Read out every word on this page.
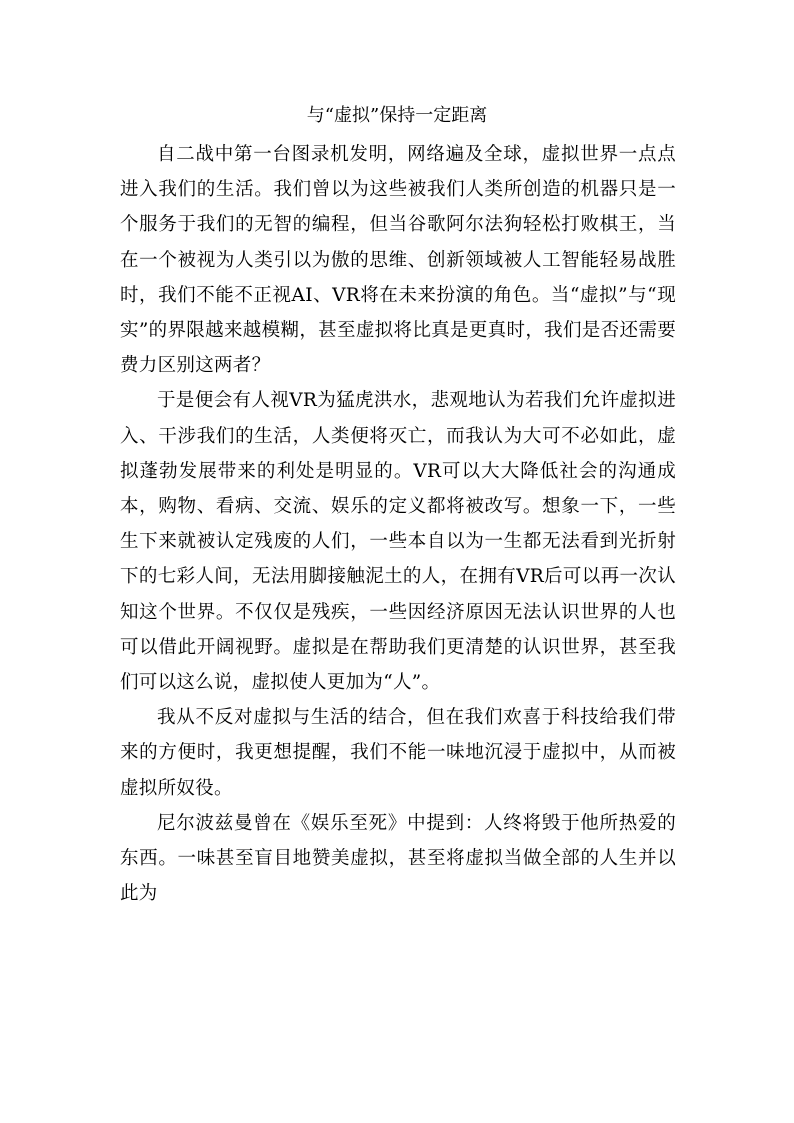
与“虚拟”保持一定距离

自二战中第一台图录机发明，网络遍及全球，虚拟世界一点点进入我们的生活。我们曾以为这些被我们人类所创造的机器只是一个服务于我们的无智的编程，但当谷歌阿尔法狗轻松打败棋王，当在一个被视为人类引以为傲的思维、创新领域被人工智能轻易战胜时，我们不能不正视AI、VR将在未来扮演的角色。当“虚拟”与“现实”的界限越来越模糊，甚至虚拟将比真是更真时，我们是否还需要费力区别这两者？

于是便会有人视VR为猛虎洪水，悲观地认为若我们允许虚拟进入、干涉我们的生活，人类便将灭亡，而我认为大可不必如此，虚拟蓬勃发展带来的利处是明显的。VR可以大大降低社会的沟通成本，购物、看病、交流、娱乐的定义都将被改写。想象一下，一些生下来就被认定残废的人们，一些本自以为一生都无法看到光折射下的七彩人间，无法用脚接触泥土的人，在拥有VR后可以再一次认知这个世界。不仅仅是残疾，一些因经济原因无法认识世界的人也可以借此开阔视野。虚拟是在帮助我们更清楚的认识世界，甚至我们可以这么说，虚拟使人更加为“人”。

我从不反对虚拟与生活的结合，但在我们欢喜于科技给我们带来的方便时，我更想提醒，我们不能一味地沉浸于虚拟中，从而被虚拟所奴役。

尼尔波兹曼曾在《娱乐至死》中提到：人终将毁于他所热爱的东西。一味甚至盲目地赞美虚拟，甚至将虚拟当做全部的人生并以此为
